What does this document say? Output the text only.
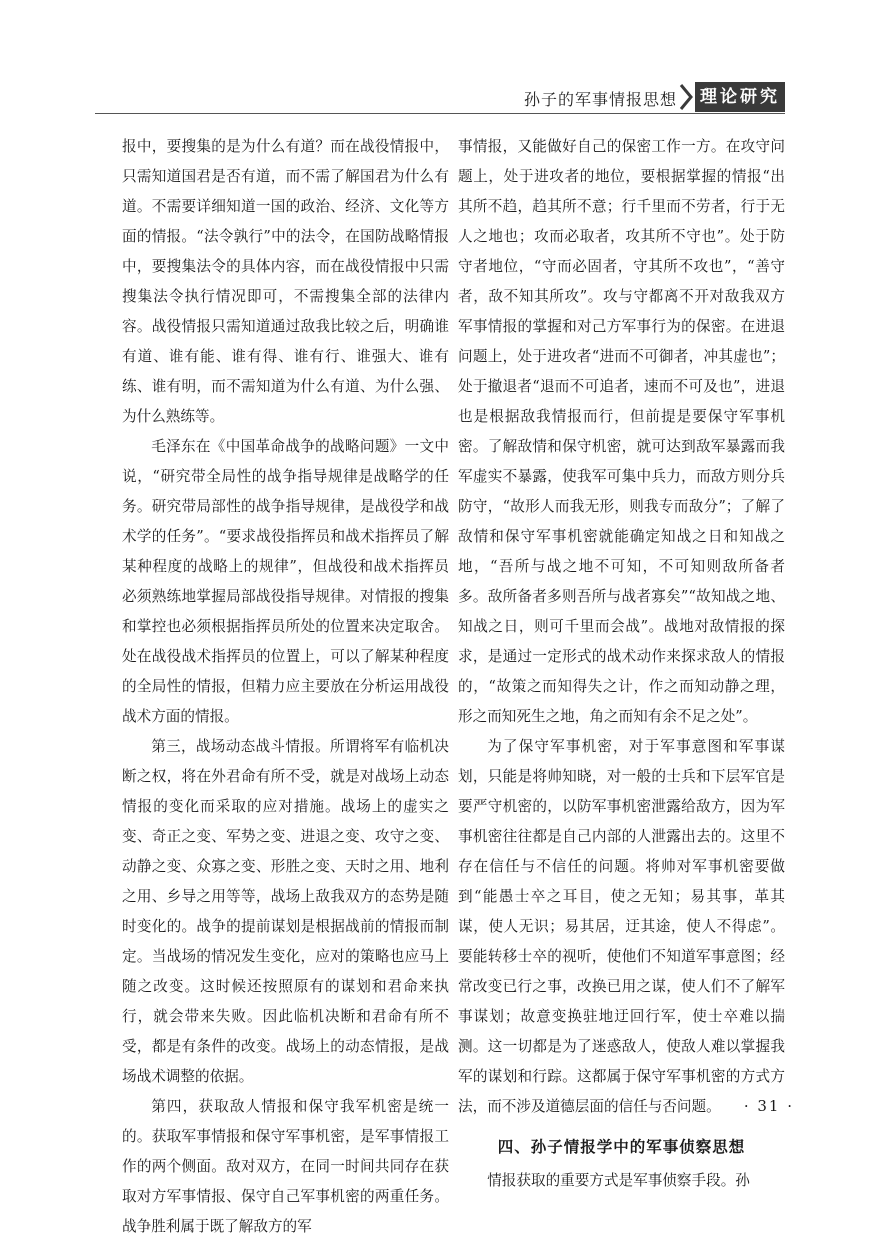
孙子的军事情报思想 理论研究

报中，要搜集的是为什么有道？而在战役情报中，只需知道国君是否有道，而不需了解国君为什么有道。不需要详细知道一国的政治、经济、文化等方面的情报。“法令孰行”中的法令，在国防战略情报中，要搜集法令的具体内容，而在战役情报中只需搜集法令执行情况即可，不需搜集全部的法律内容。战役情报只需知道通过敌我比较之后，明确谁有道、谁有能、谁有得、谁有行、谁强大、谁有练、谁有明，而不需知道为什么有道、为什么强、为什么熟练等。

毛泽东在《中国革命战争的战略问题》一文中说，“研究带全局性的战争指导规律是战略学的任务。研究带局部性的战争指导规律，是战役学和战术学的任务”。“要求战役指挥员和战术指挥员了解某种程度的战略上的规律”，但战役和战术指挥员必须熟练地掌握局部战役指导规律。对情报的搜集和掌控也必须根据指挥员所处的位置来决定取舍。处在战役战术指挥员的位置上，可以了解某种程度的全局性的情报，但精力应主要放在分析运用战役战术方面的情报。

第三，战场动态战斗情报。所谓将军有临机决断之权，将在外君命有所不受，就是对战场上动态情报的变化而采取的应对措施。战场上的虚实之变、奇正之变、军势之变、进退之变、攻守之变、动静之变、众寡之变、形胜之变、天时之用、地利之用、乡导之用等等，战场上敌我双方的态势是随时变化的。战争的提前谋划是根据战前的情报而制定。当战场的情况发生变化，应对的策略也应马上随之改变。这时候还按照原有的谋划和君命来执行，就会带来失败。因此临机决断和君命有所不受，都是有条件的改变。战场上的动态情报，是战场战术调整的依据。

第四，获取敌人情报和保守我军机密是统一的。获取军事情报和保守军事机密，是军事情报工作的两个侧面。敌对双方，在同一时间共同存在获取对方军事情报、保守自己军事机密的两重任务。战争胜利属于既了解敌方的军

事情报，又能做好自己的保密工作一方。在攻守问题上，处于进攻者的地位，要根据掌握的情报“出其所不趋，趋其所不意；行千里而不劳者，行于无人之地也；攻而必取者，攻其所不守也”。处于防守者地位，“守而必固者，守其所不攻也”，“善守者，敌不知其所攻”。攻与守都离不开对敌我双方军事情报的掌握和对己方军事行为的保密。在进退问题上，处于进攻者“进而不可御者，冲其虚也”；处于撤退者“退而不可追者，速而不可及也”，进退也是根据敌我情报而行，但前提是要保守军事机密。了解敌情和保守机密，就可达到敌军暴露而我军虚实不暴露，使我军可集中兵力，而敌方则分兵防守，“故形人而我无形，则我专而敌分”；了解了敌情和保守军事机密就能确定知战之日和知战之地，“吾所与战之地不可知，不可知则敌所备者多。敌所备者多则吾所与战者寡矣”“故知战之地、知战之日，则可千里而会战”。战地对敌情报的探求，是通过一定形式的战术动作来探求敌人的情报的，“故策之而知得失之计，作之而知动静之理，形之而知死生之地，角之而知有余不足之处”。

为了保守军事机密，对于军事意图和军事谋划，只能是将帅知晓，对一般的士兵和下层军官是要严守机密的，以防军事机密泄露给敌方，因为军事机密往往都是自己内部的人泄露出去的。这里不存在信任与不信任的问题。将帅对军事机密要做到“能愚士卒之耳目，使之无知；易其事，革其谋，使人无识；易其居，迂其途，使人不得虑”。要能转移士卒的视听，使他们不知道军事意图；经常改变已行之事，改换已用之谋，使人们不了解军事谋划；故意变换驻地迂回行军，使士卒难以揣测。这一切都是为了迷惑敌人，使敌人难以掌握我军的谋划和行踪。这都属于保守军事机密的方式方法，而不涉及道德层面的信任与否问题。

四、孙子情报学中的军事侦察思想

情报获取的重要方式是军事侦察手段。孙

· 31 ·
